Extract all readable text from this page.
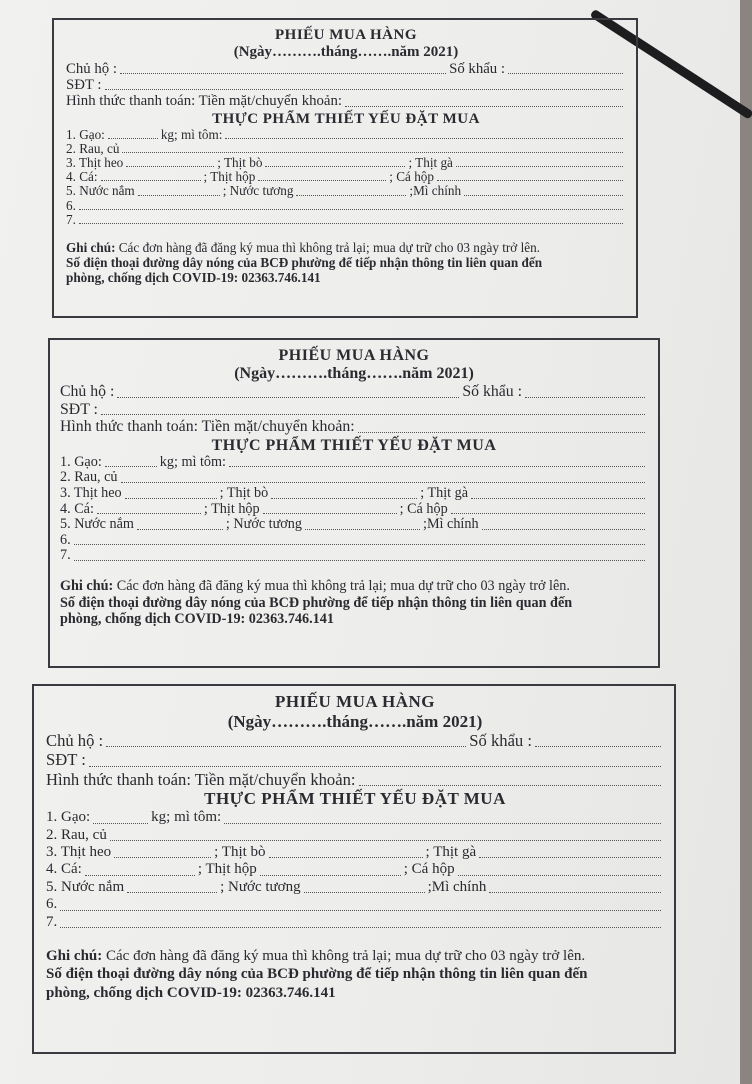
PHIẾU MUA HÀNG
(Ngày……….tháng…….năm 2021)
Chủ hộ :	Số khẩu :
SĐT :
Hình thức thanh toán: Tiền mặt/chuyển khoản:
THỰC PHẨM THIẾT YẾU ĐẶT MUA
1. Gạo:	kg; mì tôm:
2. Rau, củ
3. Thịt heo	; Thịt bò	; Thịt gà
4. Cá:	; Thịt hộp	; Cá hộp
5. Nước nắm	; Nước tương	;Mì chính
6.
7.
Ghi chú: Các đơn hàng đã đăng ký mua thì không trả lại; mua dự trữ cho 03 ngày trở lên.
Số điện thoại đường dây nóng của BCĐ phường để tiếp nhận thông tin liên quan đến
phòng, chống dịch COVID-19: 02363.746.141
PHIẾU MUA HÀNG
(Ngày……….tháng…….năm 2021)
Chủ hộ :	Số khẩu :
SĐT :
Hình thức thanh toán: Tiền mặt/chuyển khoản:
THỰC PHẨM THIẾT YẾU ĐẶT MUA
1. Gạo:	kg; mì tôm:
2. Rau, củ
3. Thịt heo	; Thịt bò	; Thịt gà
4. Cá:	; Thịt hộp	; Cá hộp
5. Nước nắm	; Nước tương	;Mì chính
6.
7.
Ghi chú: Các đơn hàng đã đăng ký mua thì không trả lại; mua dự trữ cho 03 ngày trở lên.
Số điện thoại đường dây nóng của BCĐ phường để tiếp nhận thông tin liên quan đến
phòng, chống dịch COVID-19: 02363.746.141
PHIẾU MUA HÀNG
(Ngày……….tháng…….năm 2021)
Chủ hộ :	Số khẩu :
SĐT :
Hình thức thanh toán: Tiền mặt/chuyển khoản:
THỰC PHẨM THIẾT YẾU ĐẶT MUA
1. Gạo:	kg; mì tôm:
2. Rau, củ
3. Thịt heo	; Thịt bò	; Thịt gà
4. Cá:	; Thịt hộp	; Cá hộp
5. Nước nắm	; Nước tương	;Mì chính
6.
7.
Ghi chú: Các đơn hàng đã đăng ký mua thì không trả lại; mua dự trữ cho 03 ngày trở lên.
Số điện thoại đường dây nóng của BCĐ phường để tiếp nhận thông tin liên quan đến
phòng, chống dịch COVID-19: 02363.746.141
